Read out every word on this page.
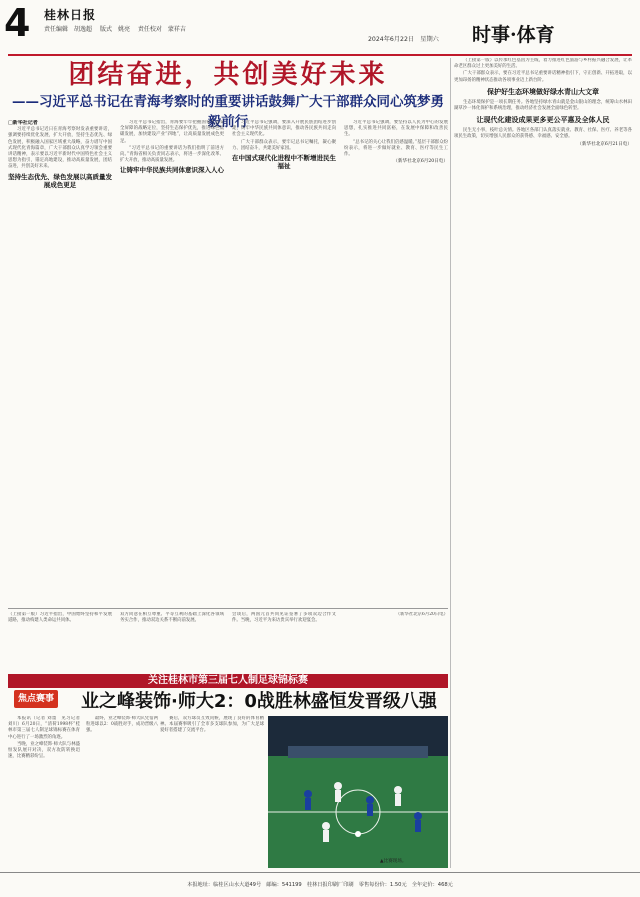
4 桂林日报
责任编辑　胡逸超 版式　姚亮 责任校对　蒙祥吉
2024年6月22日　星期六 时事·体育
团结奋进，共创美好未来
——习近平总书记在青海考察时的重要讲话鼓舞广大干部群众同心筑梦勇毅前行

□新华社记者

习近平总书记近日在青海考察时发表重要讲话，强调要持续优化发展，扩大开放，坚持生态优先、绿色发展，积极融入国家区域重大战略，奋力谱写中国式现代化青海篇章，广大干部群众认真学习领会重要讲话精神，表示要以习近平新时代中国特色社会主义思想为指引，锚定高地建设，推动高质量发展，团结奋进，共创美好未来。

坚持生态优先、绿色发展以高质量发展成色更足

习近平总书记指出，青海要牢牢把握国家生态安全屏障的战略定位，坚持生态保护优先，推进绿色低碳发展，加快建设产业“四地”，让高质量发展成色更足。

“习近平总书记的重要讲话为我们指明了前进方向。”青海省相关负责同志表示，将进一步深化改革、扩大开放，推动高质量发展。

让铸牢中华民族共同体意识深入人心

习近平总书记强调，要深入开展民族团结进步创建，铸牢中华民族共同体意识，推动各民族共同走向社会主义现代化。

广大干部群众表示，要牢记总书记嘱托，凝心聚力、团结奋斗，共建美好家园。

在中国式现代化进程中不断增进民生福祉

习近平总书记强调，要坚持以人民为中心的发展思想，扎实推进共同富裕，在发展中保障和改善民生。

“总书记的关心让我们倍感温暖。”基层干部群众纷纷表示，将进一步做好就业、教育、医疗等民生工作。

（新华社北京6月20日电）

（上接第一版）习近平指出，中国始终坚持和平发展道路，推动构建人类命运共同体。
双方同意在相互尊重、平等互利的基础上深化各领域务实合作，推动双边关系不断向前发展。
会谈后，两国元首共同见证签署了多项双边合作文件。当晚，习近平为来访贵宾举行欢迎宴会。
（新华社北京6月20日电）

（上接第一版）以传承红色基因为主线，着力推进红色旅游与乡村振兴融合发展，让革命老区群众过上更加美好的生活。

广大干部群众表示，要在习近平总书记重要讲话精神指引下，守正创新、开拓进取，以更加昂扬的精神状态推动各项事业迈上新台阶。

保护好生态环境做好绿水青山大文章

生态环境保护是一项长期任务。各地坚持绿水青山就是金山银山的理念，统筹山水林田湖草沙一体化保护和系统治理，推动经济社会发展全面绿色转型。

让现代化建设成果更多更公平惠及全体人民

民生无小事，枝叶总关情。各地区各部门认真落实就业、教育、社保、医疗、养老等各项民生政策，切实增强人民群众的获得感、幸福感、安全感。

（新华社北京6月21日电）

关注桂林市第三届七人制足球锦标赛
焦点赛事	业之峰装饰·师大2：0战胜林盛恒发晋级八强

本报讯（记者 刘墨　见习记者 刘川）6月20日，“清荷1998杯”桂林市第三届七人制足球锦标赛在体育中心进行了一场激烈的角逐。

当晚，业之峰装饰·师大队与林盛恒发队展开对决，双方攻防转换迅速，比赛精彩纷呈。

最终，业之峰装饰·师大队凭借两粒进球以2：0战胜对手，成功晋级八强。

赛后，双方球员互致问候，展现了良好的体育精神。本届赛事吸引了全市多支球队参加，为广大足球爱好者搭建了交流平台。

▲比赛现场。
本报地址：临桂区山水大道49号　邮编：541199　桂林日报印刷厂印刷　零售每份价：1.50元　全年定价：468元
